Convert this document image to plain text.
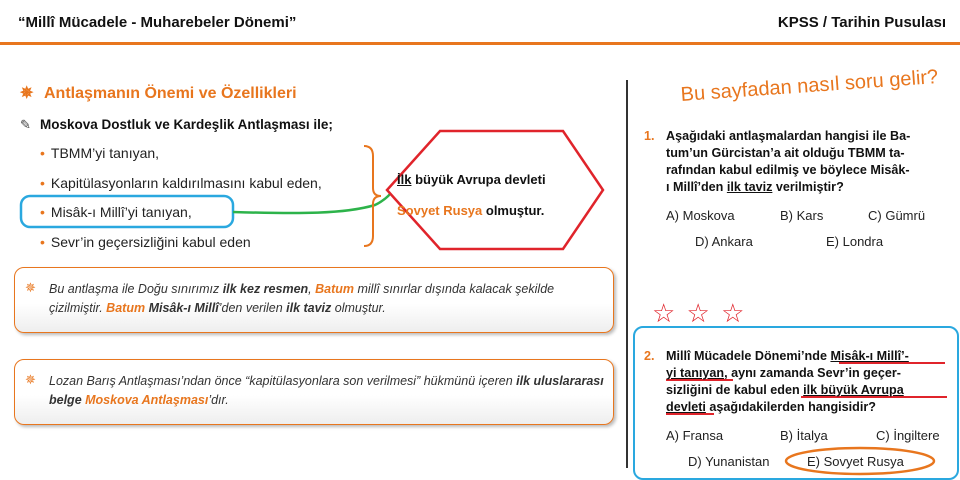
“Millî Mücadele - Muharebeler Dönemi”	KPSS / Tarihin Pusulası
✵ Antlaşmanın Önemi ve Özellikleri
✎ Moskova Dostluk ve Kardeşlik Antlaşması ile;
• TBMM’yi tanıyan,
• Kapitülasyonların kaldırılmasını kabul eden,
• Misâk-ı Millî’yi tanıyan,
• Sevr’in geçersizliğini kabul eden
İlk büyük Avrupa devleti
Sovyet Rusya olmuştur.
✵ Bu antlaşma ile Doğu sınırımız ilk kez resmen, Batum millî sınırlar dışında kalacak şekilde çizilmiştir. Batum Misâk-ı Millî’den verilen ilk taviz olmuştur.
✵ Lozan Barış Antlaşması’ndan önce “kapitülasyonlara son verilmesi” hükmünü içeren ilk uluslararası belge Moskova Antlaşması’dır.
Bu sayfadan nasıl soru gelir?
1. Aşağıdaki antlaşmalardan hangisi ile Ba-
tum’un Gürcistan’a ait olduğu TBMM ta-
rafından kabul edilmiş ve böylece Misâk-
ı Millî’den ilk taviz verilmiştir?
A) Moskova	B) Kars	C) Gümrü
D) Ankara	E) Londra
☆ ☆ ☆
2. Millî Mücadele Dönemi’nde Misâk-ı Millî’-
yi tanıyan, aynı zamanda Sevr’in geçer-
sizliğini de kabul eden ilk büyük Avrupa
devleti aşağıdakilerden hangisidir?
A) Fransa	B) İtalya	C) İngiltere
D) Yunanistan	E) Sovyet Rusya
